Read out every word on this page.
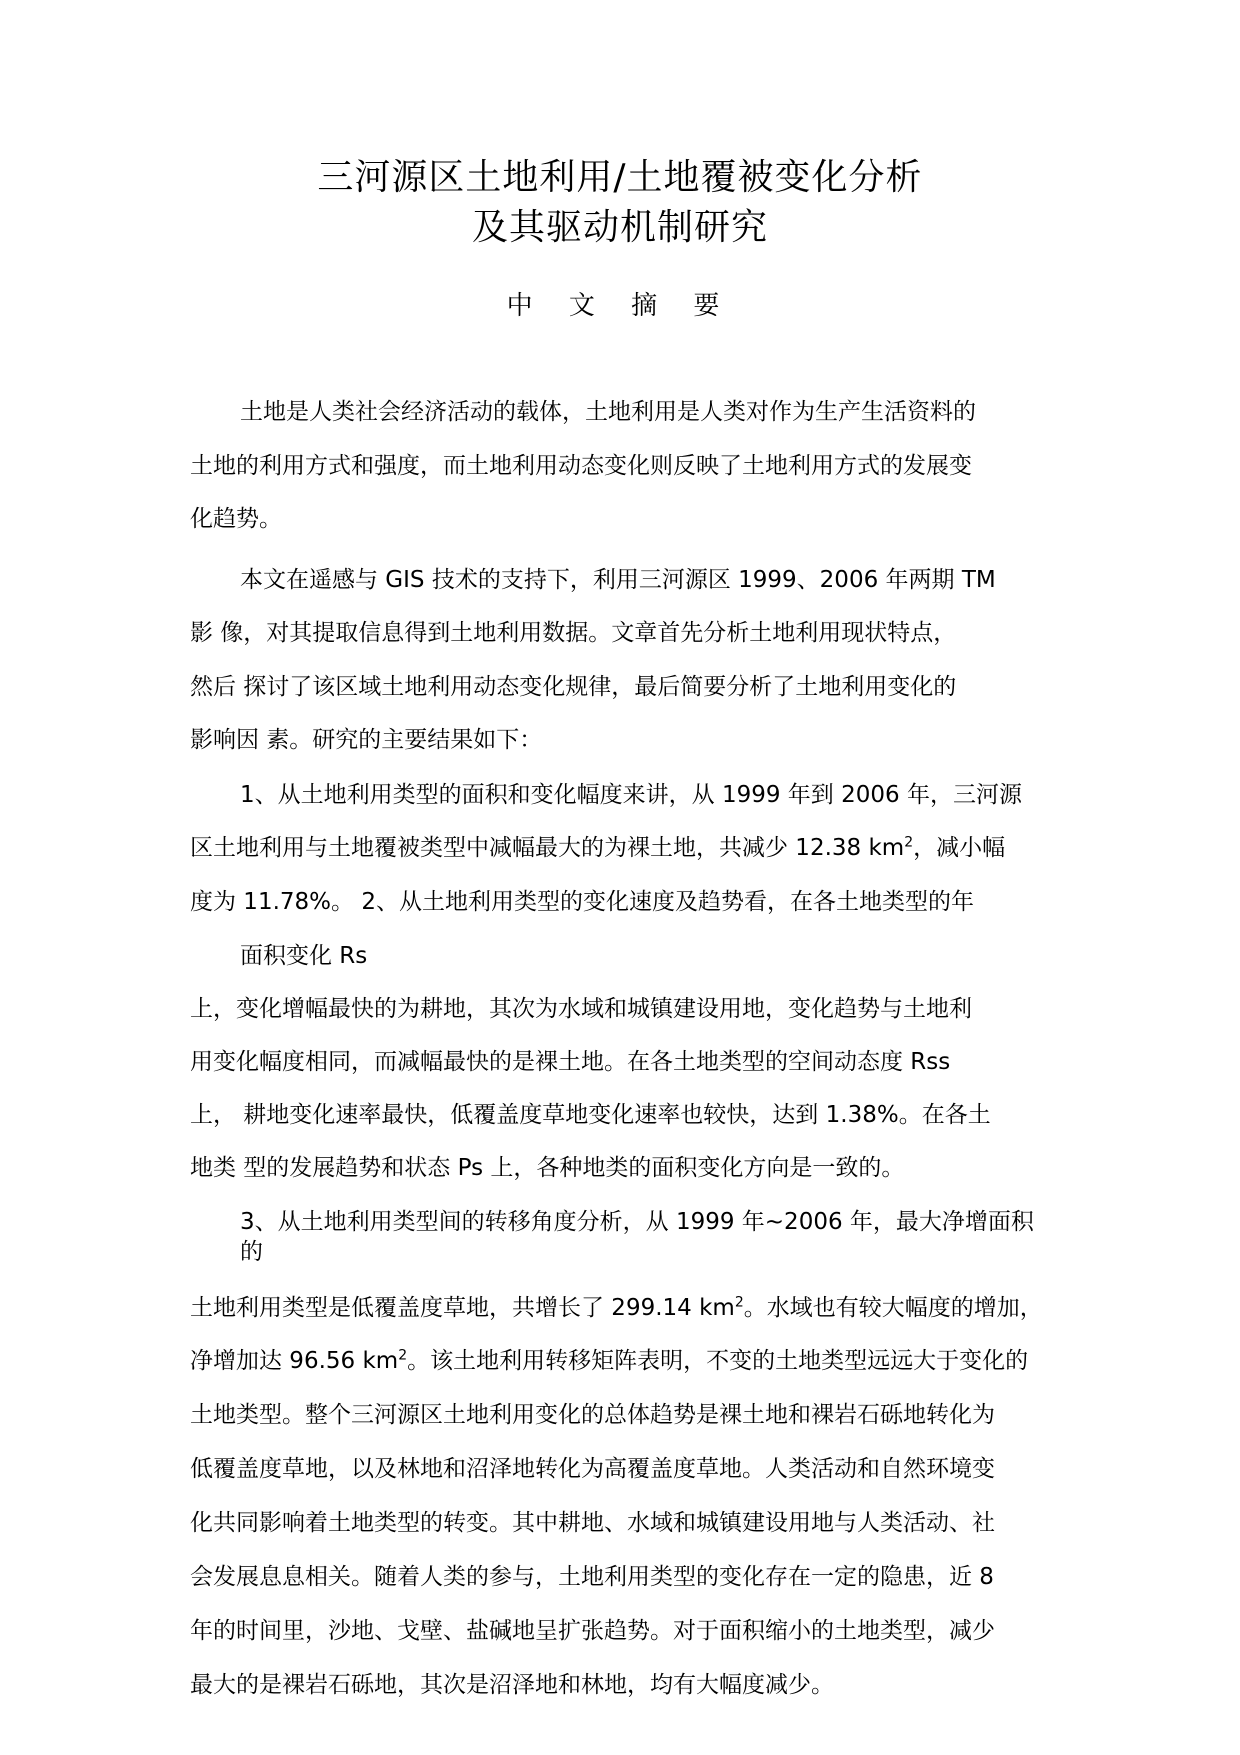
三河源区土地利用/土地覆被变化分析
及其驱动机制研究
中 文 摘 要
土地是人类社会经济活动的载体，土地利用是人类对作为生产生活资料的
土地的利用方式和强度，而土地利用动态变化则反映了土地利用方式的发展变
化趋势。
本文在遥感与 GIS 技术的支持下，利用三河源区 1999、2006 年两期 TM
影 像，对其提取信息得到土地利用数据。文章首先分析土地利用现状特点，
然后 探讨了该区域土地利用动态变化规律，最后简要分析了土地利用变化的
影响因 素。研究的主要结果如下：
1、从土地利用类型的面积和变化幅度来讲，从 1999 年到 2006 年，三河源
区土地利用与土地覆被类型中减幅最大的为裸土地，共减少 12.38 $km^2$，减小幅
度为 11.78%。 2、从土地利用类型的变化速度及趋势看，在各土地类型的年
面积变化 Rs
上，变化增幅最快的为耕地，其次为水域和城镇建设用地，变化趋势与土地利
用变化幅度相同，而减幅最快的是裸土地。在各土地类型的空间动态度 Rss
上， 耕地变化速率最快，低覆盖度草地变化速率也较快，达到 1.38%。在各土
地类 型的发展趋势和状态 Ps 上，各种地类的面积变化方向是一致的。
3、从土地利用类型间的转移角度分析，从 1999 年~2006 年，最大净增面积
的
土地利用类型是低覆盖度草地，共增长了 299.14 $km^2$。水域也有较大幅度的增加，
净增加达 96.56 $km^2$。该土地利用转移矩阵表明，不变的土地类型远远大于变化的
土地类型。整个三河源区土地利用变化的总体趋势是裸土地和裸岩石砾地转化为
低覆盖度草地，以及林地和沼泽地转化为高覆盖度草地。人类活动和自然环境变
化共同影响着土地类型的转变。其中耕地、水域和城镇建设用地与人类活动、社
会发展息息相关。随着人类的参与，土地利用类型的变化存在一定的隐患，近 8
年的时间里，沙地、戈壁、盐碱地呈扩张趋势。对于面积缩小的土地类型，减少
最大的是裸岩石砾地，其次是沼泽地和林地，均有大幅度减少。
